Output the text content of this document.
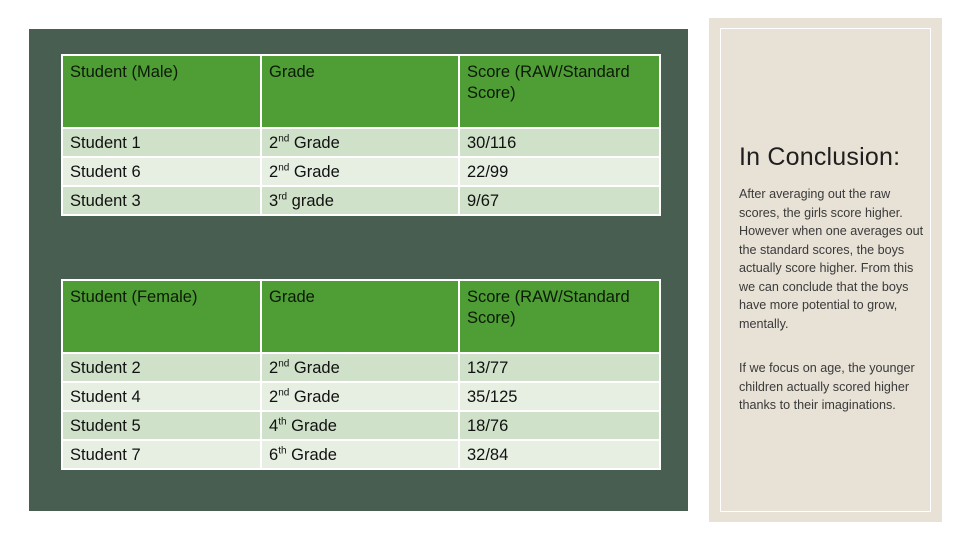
Student (Male)	Grade	Score (RAW/Standard Score)
Student 1	2nd Grade	30/116
Student 6	2nd Grade	22/99
Student 3	3rd grade	9/67
Student (Female)	Grade	Score (RAW/Standard Score)
Student 2	2nd Grade	13/77
Student 4	2nd Grade	35/125
Student 5	4th Grade	18/76
Student 7	6th Grade	32/84
In Conclusion:

After averaging out the raw scores, the girls score higher. However when one averages out the standard scores, the boys actually score higher. From this we can conclude that the boys have more potential to grow, mentally.

If we focus on age, the younger children actually scored higher thanks to their imaginations.
